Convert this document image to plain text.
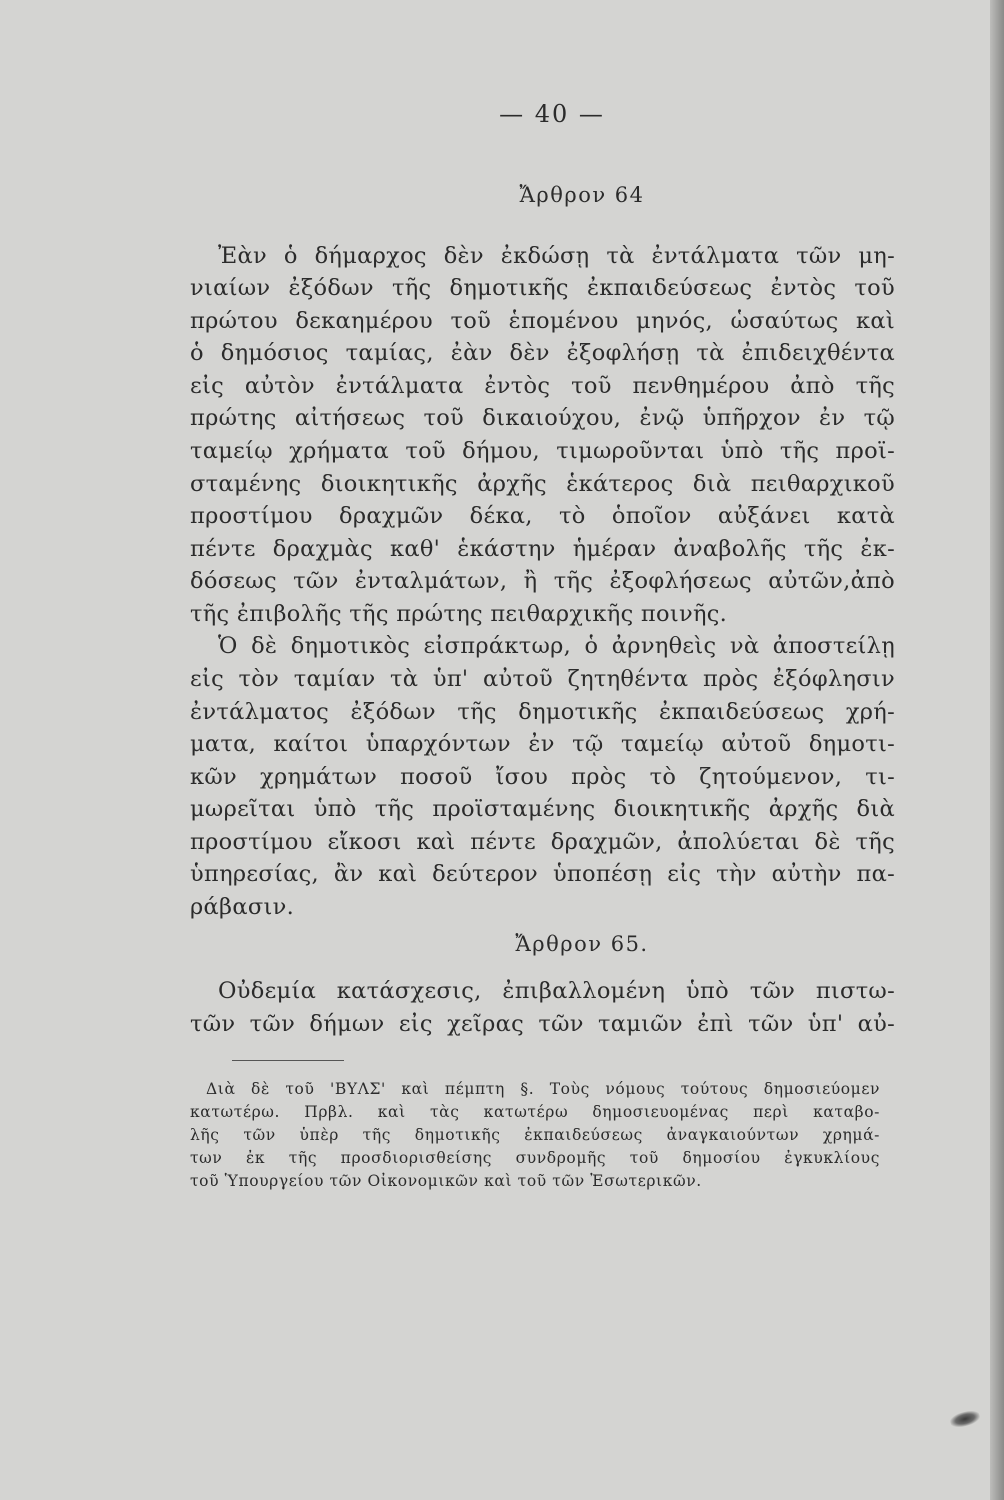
— 40 —
Ἄρθρον 64
Ἐὰν ὁ δήμαρχος δὲν ἐκδώσῃ τὰ ἐντάλματα τῶν μη-
νιαίων ἐξόδων τῆς δημοτικῆς ἐκπαιδεύσεως ἐντὸς τοῦ
πρώτου δεκαημέρου τοῦ ἑπομένου μηνός, ὡσαύτως καὶ
ὁ δημόσιος ταμίας, ἐὰν δὲν ἐξοφλήσῃ τὰ ἐπιδειχθέντα
εἰς αὐτὸν ἐντάλματα ἐντὸς τοῦ πενθημέρου ἀπὸ τῆς
πρώτης αἰτήσεως τοῦ δικαιούχου, ἐνῷ ὑπῆρχον ἐν τῷ
ταμείῳ χρήματα τοῦ δήμου, τιμωροῦνται ὑπὸ τῆς προϊ-
σταμένης διοικητικῆς ἀρχῆς ἑκάτερος διὰ πειθαρχικοῦ
προστίμου δραχμῶν δέκα, τὸ ὁποῖον αὐξάνει κατὰ
πέντε δραχμὰς καθ' ἑκάστην ἡμέραν ἀναβολῆς τῆς ἐκ-
δόσεως τῶν ἐνταλμάτων, ἢ τῆς ἐξοφλήσεως αὐτῶν,ἀπὸ
τῆς ἐπιβολῆς τῆς πρώτης πειθαρχικῆς ποινῆς.
Ὁ δὲ δημοτικὸς εἰσπράκτωρ, ὁ ἀρνηθεὶς νὰ ἀποστείλῃ
εἰς τὸν ταμίαν τὰ ὑπ' αὐτοῦ ζητηθέντα πρὸς ἐξόφλησιν
ἐντάλματος ἐξόδων τῆς δημοτικῆς ἐκπαιδεύσεως χρή-
ματα, καίτοι ὑπαρχόντων ἐν τῷ ταμείῳ αὐτοῦ δημοτι-
κῶν χρημάτων ποσοῦ ἴσου πρὸς τὸ ζητούμενον, τι-
μωρεῖται ὑπὸ τῆς προϊσταμένης διοικητικῆς ἀρχῆς διὰ
προστίμου εἴκοσι καὶ πέντε δραχμῶν, ἀπολύεται δὲ τῆς
ὑπηρεσίας, ἂν καὶ δεύτερον ὑποπέσῃ εἰς τὴν αὐτὴν πα-
ράβασιν.
Ἄρθρον 65.
Οὐδεμία κατάσχεσις, ἐπιβαλλομένη ὑπὸ τῶν πιστω-
τῶν τῶν δήμων εἰς χεῖρας τῶν ταμιῶν ἐπὶ τῶν ὑπ' αὐ-
Διὰ δὲ τοῦ 'ΒΥΛΣ' καὶ πέμπτη §. Τοὺς νόμους τούτους δημοσιεύομεν
κατωτέρω. Πρβλ. καὶ τὰς κατωτέρω δημοσιευομένας περὶ καταβο-
λῆς τῶν ὑπὲρ τῆς δημοτικῆς ἐκπαιδεύσεως ἀναγκαιούντων χρημά-
των ἐκ τῆς προσδιορισθείσης συνδρομῆς τοῦ δημοσίου ἐγκυκλίους
τοῦ Ὑπουργείου τῶν Οἰκονομικῶν καὶ τοῦ τῶν Ἐσωτερικῶν.
